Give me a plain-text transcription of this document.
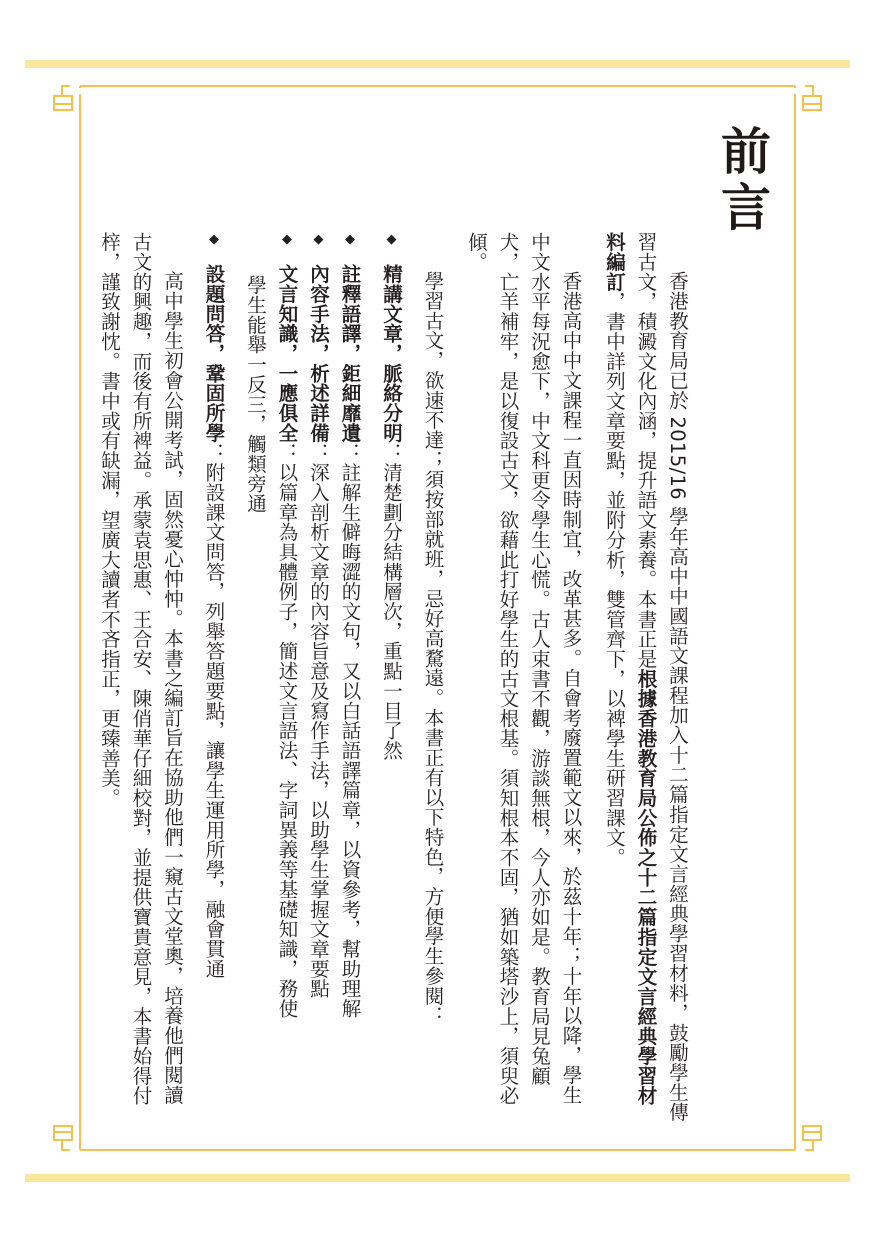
前言

香港教育局已於 2015/16 學年高中中國語文課程加入十二篇指定文言經典學習材料，鼓勵學生傳習古文，積澱文化內涵，提升語文素養。本書正是根據香港教育局公佈之十二篇指定文言經典學習材料編訂，書中詳列文章要點，並附分析，雙管齊下，以裨學生研習課文。

香港高中中文課程一直因時制宜，改革甚多。自會考廢置範文以來，於茲十年；十年以降，學生中文水平每況愈下，中文科更令學生心慌。古人束書不觀，游談無根，今人亦如是。教育局見兔顧犬，亡羊補牢，是以復設古文，欲藉此打好學生的古文根基。須知根本不固，猶如築塔沙上，須臾必傾。

學習古文，欲速不達；須按部就班，忌好高騖遠。本書正有以下特色，方便學生參閱：

◆ 精講文章，脈絡分明：清楚劃分結構層次，重點一目了然

◆ 註釋語譯，鉅細靡遺：註解生僻晦澀的文句，又以白話語譯篇章，以資參考，幫助理解

◆ 內容手法，析述詳備：深入剖析文章的內容旨意及寫作手法，以助學生掌握文章要點

◆ 文言知識，一應俱全：以篇章為具體例子，簡述文言語法、字詞異義等基礎知識，務使

學生能舉一反三，觸類旁通

◆ 設題問答，鞏固所學：附設課文問答，列舉答題要點，讓學生運用所學，融會貫通

高中學生初會公開考試，固然憂心忡忡。本書之編訂旨在協助他們一窺古文堂奧，培養他們閱讀古文的興趣，而後有所裨益。承蒙袁思惠、王合安、陳俏華仔細校對，並提供寶貴意見，本書始得付梓，謹致謝忱。書中或有缺漏，望廣大讀者不吝指正，更臻善美。
